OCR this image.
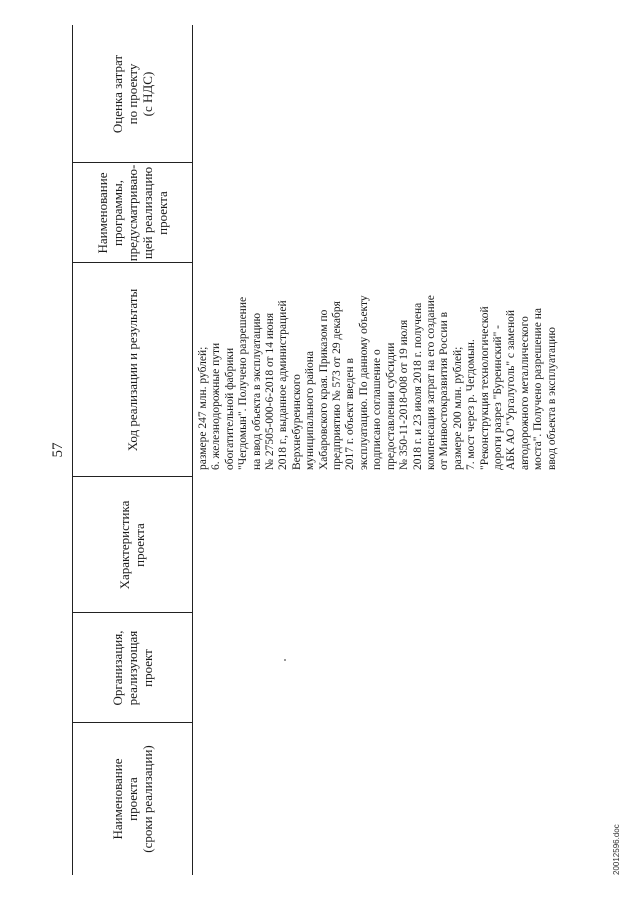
57
Наименование
проекта
(сроки реализации)
Организация,
реализующая
проект
Характеристика
проекта
Ход реализации и результаты
Наименование
программы,
предусматриваю-
щей реализацию
проекта
Оценка затрат
по проекту
(с НДС)
размере 247 млн. рублей;
6. железнодорожные пути
обогатительной фабрики
"Чегдомын". Получено разрешение
на ввод объекта в эксплуатацию
№ 27505-000-6-2018 от 14 июня
2018 г., выданное администрацией
Верхнебуреинского
муниципального района
Хабаровского края. Приказом по
предприятию № 573 от 29 декабря
2017 г. объект введен в
эксплуатацию. По данному объекту
подписано соглашение о
предоставлении субсидии
№ 350-11-2018-008 от 19 июля
2018 г. и 23 июля 2018 г. получена
компенсация затрат на его создание
от Минвостокразвития России в
размере 200 млн. рублей;
7. мост через р. Чегдомын.
"Реконструкция технологической
дороги разрез "Буреинский" -
АБК АО "Ургалуголь" с заменой
автодорожного металлического
моста". Получено разрешение на
ввод объекта в эксплуатацию
20012596.doc
